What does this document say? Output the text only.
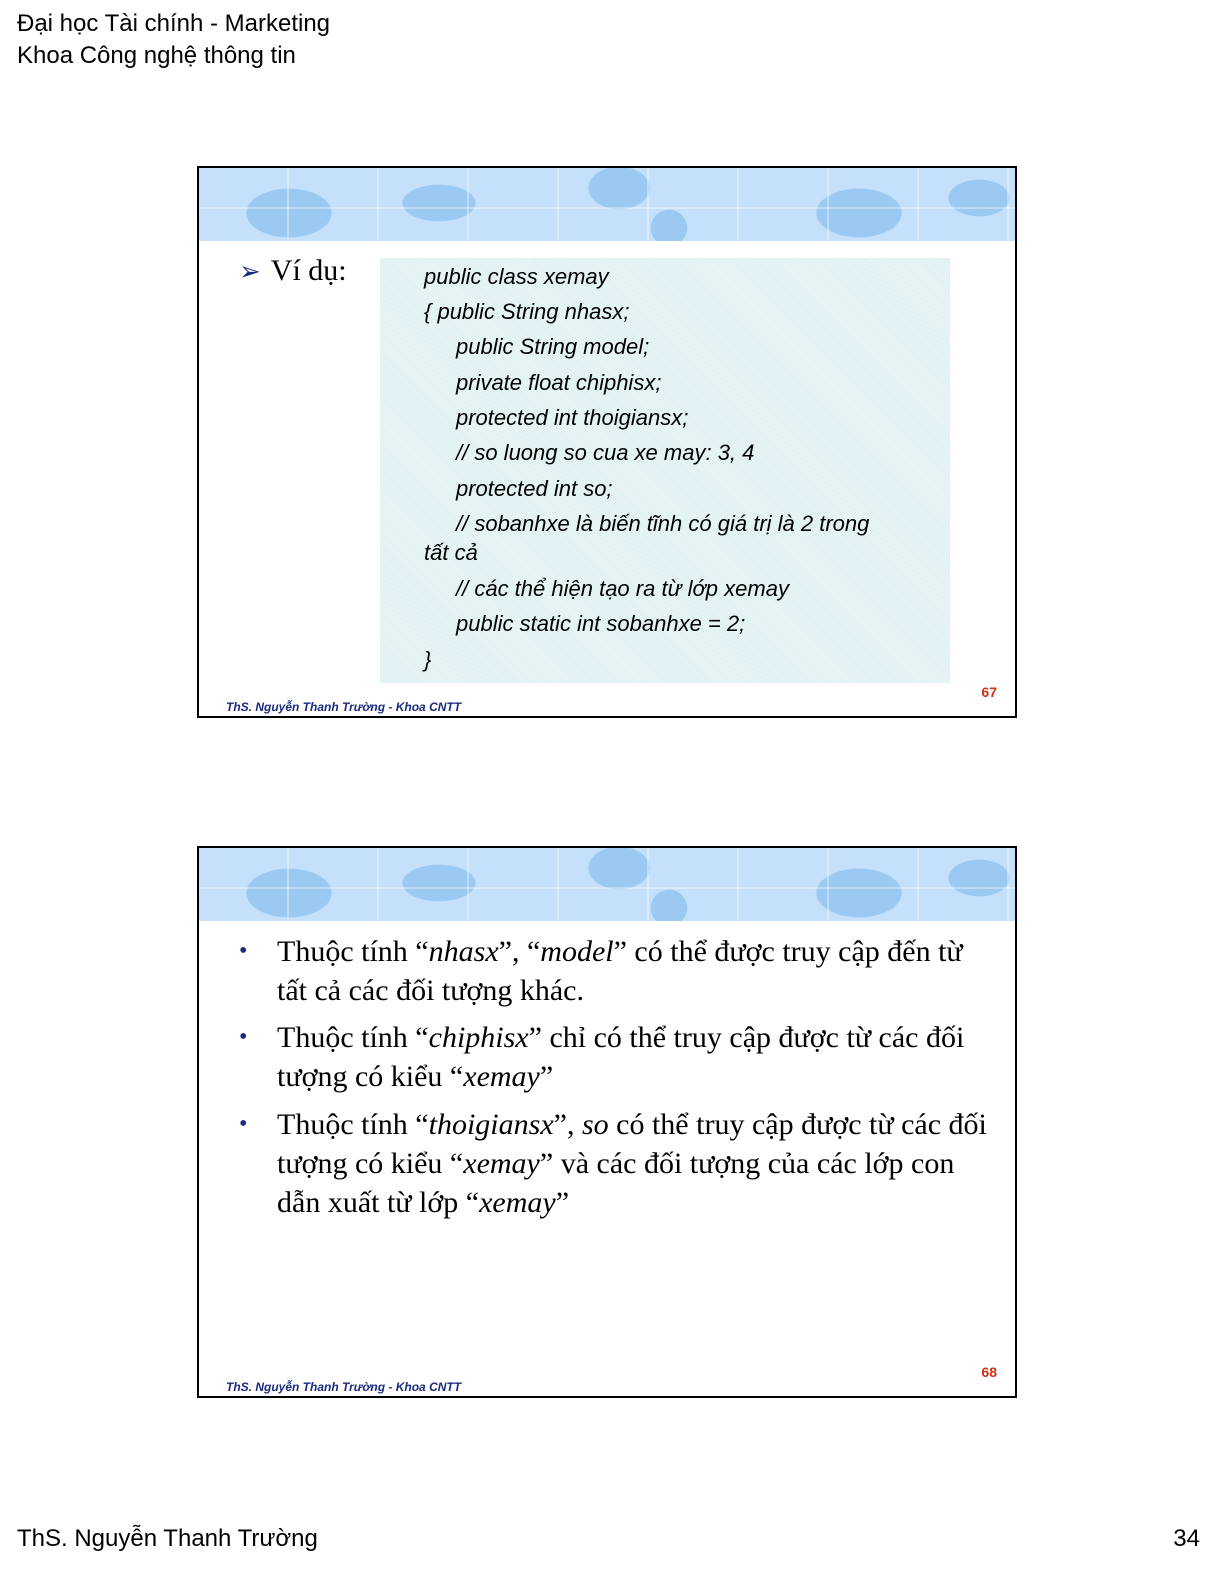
Đại học Tài chính - Marketing
Khoa Công nghệ thông tin
➢ Ví dụ:	public class xemay
{ public String nhasx;
public String model;
private float chiphisx;
protected int thoigiansx;
// so luong so cua xe may: 3, 4
protected int so;
// sobanhxe là biến tĩnh có giá trị là 2 trong
tất cả
// các thể hiện tạo ra từ lớp xemay
public static int sobanhxe = 2;
}
67
ThS. Nguyễn Thanh Trường - Khoa CNTT
• Thuộc tính “nhasx”, “model” có thể được truy cập đến từ tất cả các đối tượng khác.
• Thuộc tính “chiphisx” chỉ có thể truy cập được từ các đối tượng có kiểu “xemay”
• Thuộc tính “thoigiansx”, so có thể truy cập được từ các đối tượng có kiểu “xemay” và các đối tượng của các lớp con dẫn xuất từ lớp “xemay”
68
ThS. Nguyễn Thanh Trường - Khoa CNTT
ThS. Nguyễn Thanh Trường	34
